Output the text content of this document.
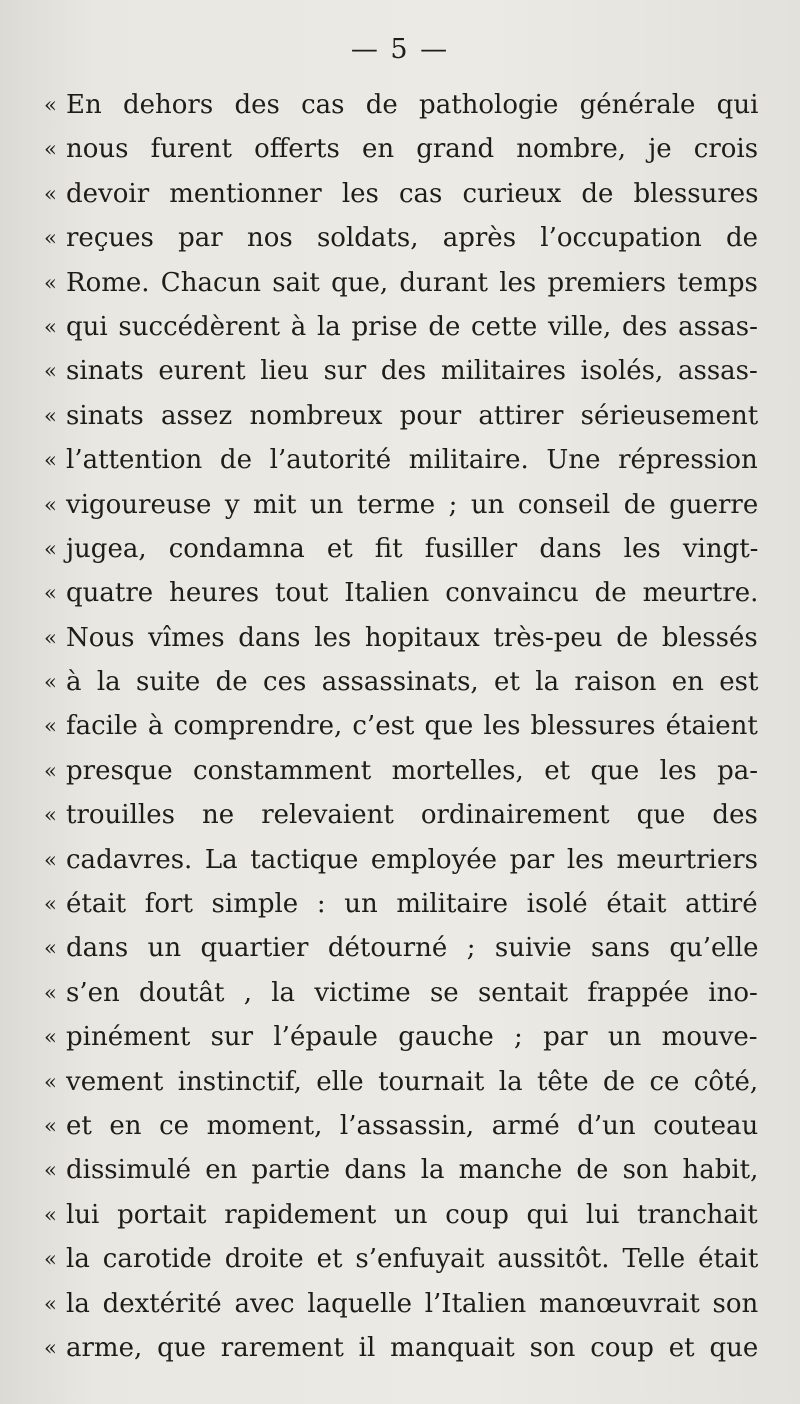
— 5 —
« En dehors des cas de pathologie générale qui
« nous furent offerts en grand nombre, je crois
« devoir mentionner les cas curieux de blessures
« reçues par nos soldats, après l’occupation de
« Rome. Chacun sait que, durant les premiers temps
« qui succédèrent à la prise de cette ville, des assas-
« sinats eurent lieu sur des militaires isolés, assas-
« sinats assez nombreux pour attirer sérieusement
« l’attention de l’autorité militaire. Une répression
« vigoureuse y mit un terme ; un conseil de guerre
« jugea, condamna et fit fusiller dans les vingt-
« quatre heures tout Italien convaincu de meurtre.
« Nous vîmes dans les hopitaux très-peu de blessés
« à la suite de ces assassinats, et la raison en est
« facile à comprendre, c’est que les blessures étaient
« presque constamment mortelles, et que les pa-
« trouilles ne relevaient ordinairement que des
« cadavres. La tactique employée par les meurtriers
« était fort simple : un militaire isolé était attiré
« dans un quartier détourné ; suivie sans qu’elle
« s’en doutât , la victime se sentait frappée ino-
« pinément sur l’épaule gauche ; par un mouve-
« vement instinctif, elle tournait la tête de ce côté,
« et en ce moment, l’assassin, armé d’un couteau
« dissimulé en partie dans la manche de son habit,
« lui portait rapidement un coup qui lui tranchait
« la carotide droite et s’enfuyait aussitôt. Telle était
« la dextérité avec laquelle l’Italien manœuvrait son
« arme, que rarement il manquait son coup et que
